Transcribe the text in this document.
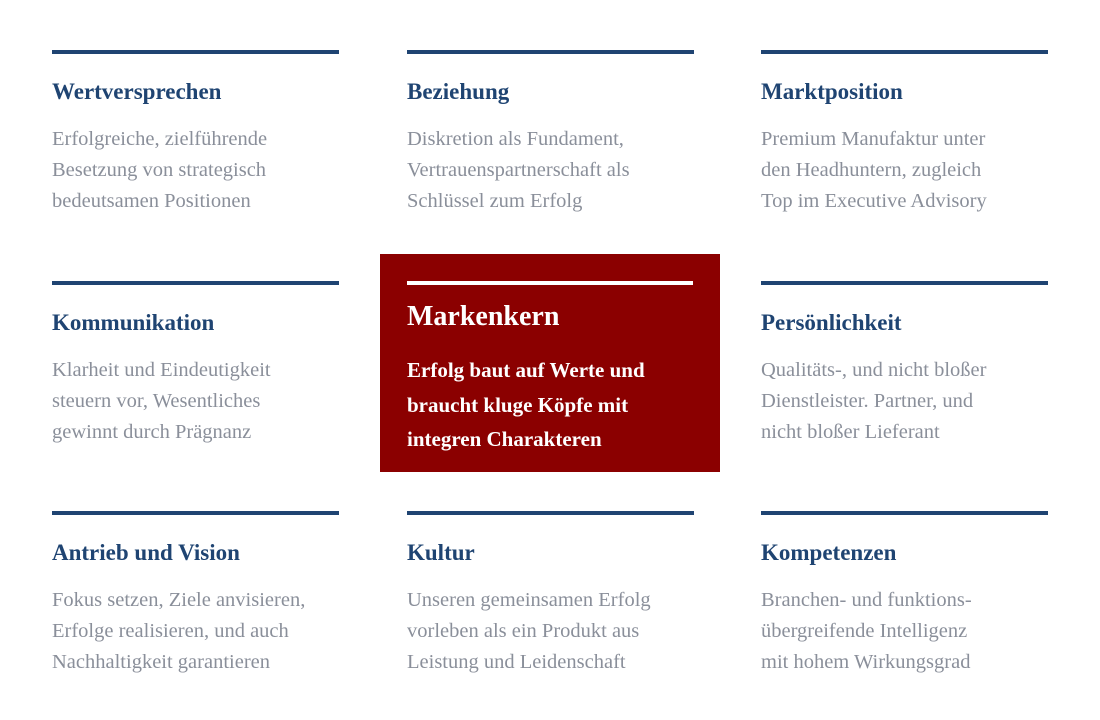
Wertversprechen
Erfolgreiche, zielführende
Besetzung von strategisch
bedeutsamen Positionen
Beziehung
Diskretion als Fundament,
Vertrauenspartnerschaft als
Schlüssel zum Erfolg
Marktposition
Premium Manufaktur unter
den Headhuntern, zugleich
Top im Executive Advisory
Kommunikation
Klarheit und Eindeutigkeit
steuern vor, Wesentliches
gewinnt durch Prägnanz
Markenkern
Erfolg baut auf Werte und
braucht kluge Köpfe mit
integren Charakteren
Persönlichkeit
Qualitäts-, und nicht bloßer
Dienstleister. Partner, und
nicht bloßer Lieferant
Antrieb und Vision
Fokus setzen, Ziele anvisieren,
Erfolge realisieren, und auch
Nachhaltigkeit garantieren
Kultur
Unseren gemeinsamen Erfolg
vorleben als ein Produkt aus
Leistung und Leidenschaft
Kompetenzen
Branchen- und funktions-
übergreifende Intelligenz
mit hohem Wirkungsgrad
